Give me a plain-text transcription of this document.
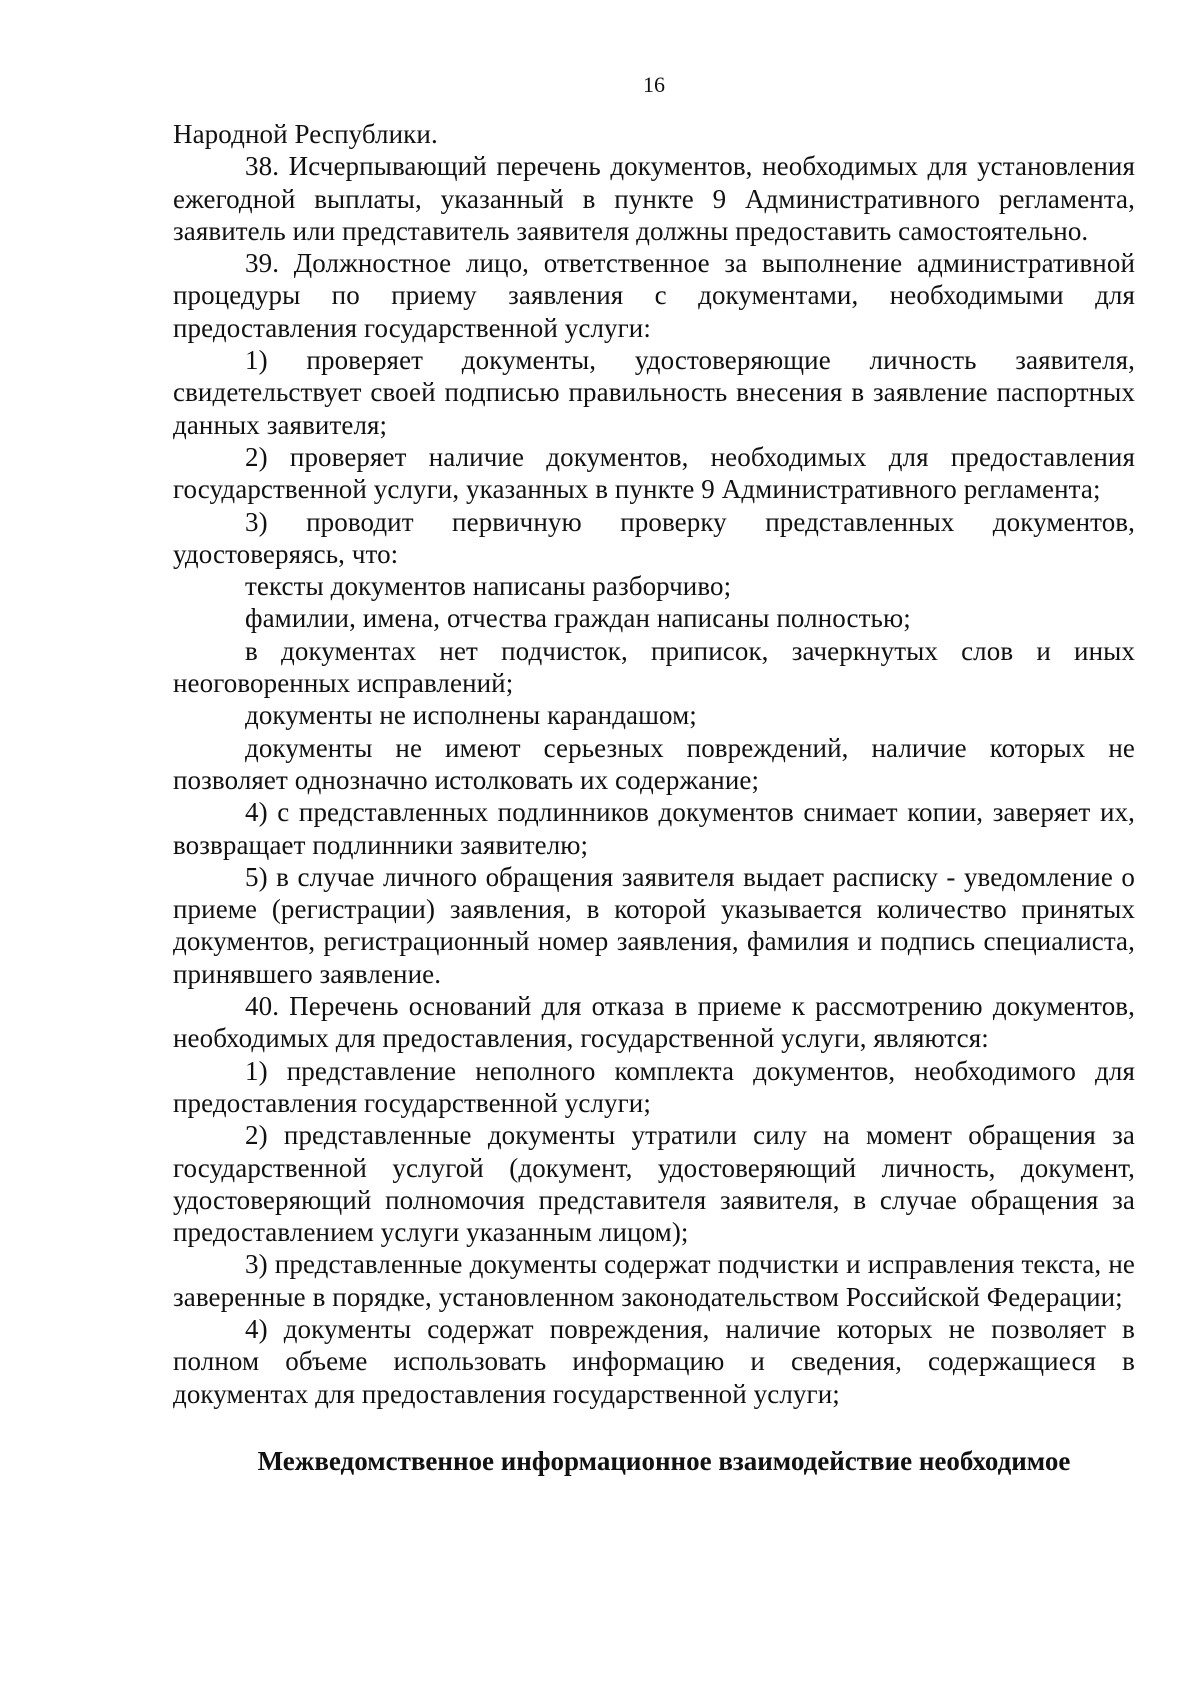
16

Народной Республики.

38. Исчерпывающий перечень документов, необходимых для установления ежегодной выплаты, указанный в пункте 9 Административного регламента, заявитель или представитель заявителя должны предоставить самостоятельно.

39. Должностное лицо, ответственное за выполнение административной процедуры по приему заявления с документами, необходимыми для предоставления государственной услуги:

1) проверяет документы, удостоверяющие личность заявителя, свидетельствует своей подписью правильность внесения в заявление паспортных данных заявителя;

2) проверяет наличие документов, необходимых для предоставления государственной услуги, указанных в пункте 9 Административного регламента;

3) проводит первичную проверку представленных документов, удостоверяясь, что:

тексты документов написаны разборчиво;

фамилии, имена, отчества граждан написаны полностью;

в документах нет подчисток, приписок, зачеркнутых слов и иных неоговоренных исправлений;

документы не исполнены карандашом;

документы не имеют серьезных повреждений, наличие которых не позволяет однозначно истолковать их содержание;

4) с представленных подлинников документов снимает копии, заверяет их, возвращает подлинники заявителю;

5) в случае личного обращения заявителя выдает расписку - уведомление о приеме (регистрации) заявления, в которой указывается количество принятых документов, регистрационный номер заявления, фамилия и подпись специалиста, принявшего заявление.

40. Перечень оснований для отказа в приеме к рассмотрению документов, необходимых для предоставления, государственной услуги, являются:

1) представление неполного комплекта документов, необходимого для предоставления государственной услуги;

2) представленные документы утратили силу на момент обращения за государственной услугой (документ, удостоверяющий личность, документ, удостоверяющий полномочия представителя заявителя, в случае обращения за предоставлением услуги указанным лицом);

3) представленные документы содержат подчистки и исправления текста, не заверенные в порядке, установленном законодательством Российской Федерации;

4) документы содержат повреждения, наличие которых не позволяет в полном объеме использовать информацию и сведения, содержащиеся в документах для предоставления государственной услуги;

Межведомственное информационное взаимодействие необходимое
